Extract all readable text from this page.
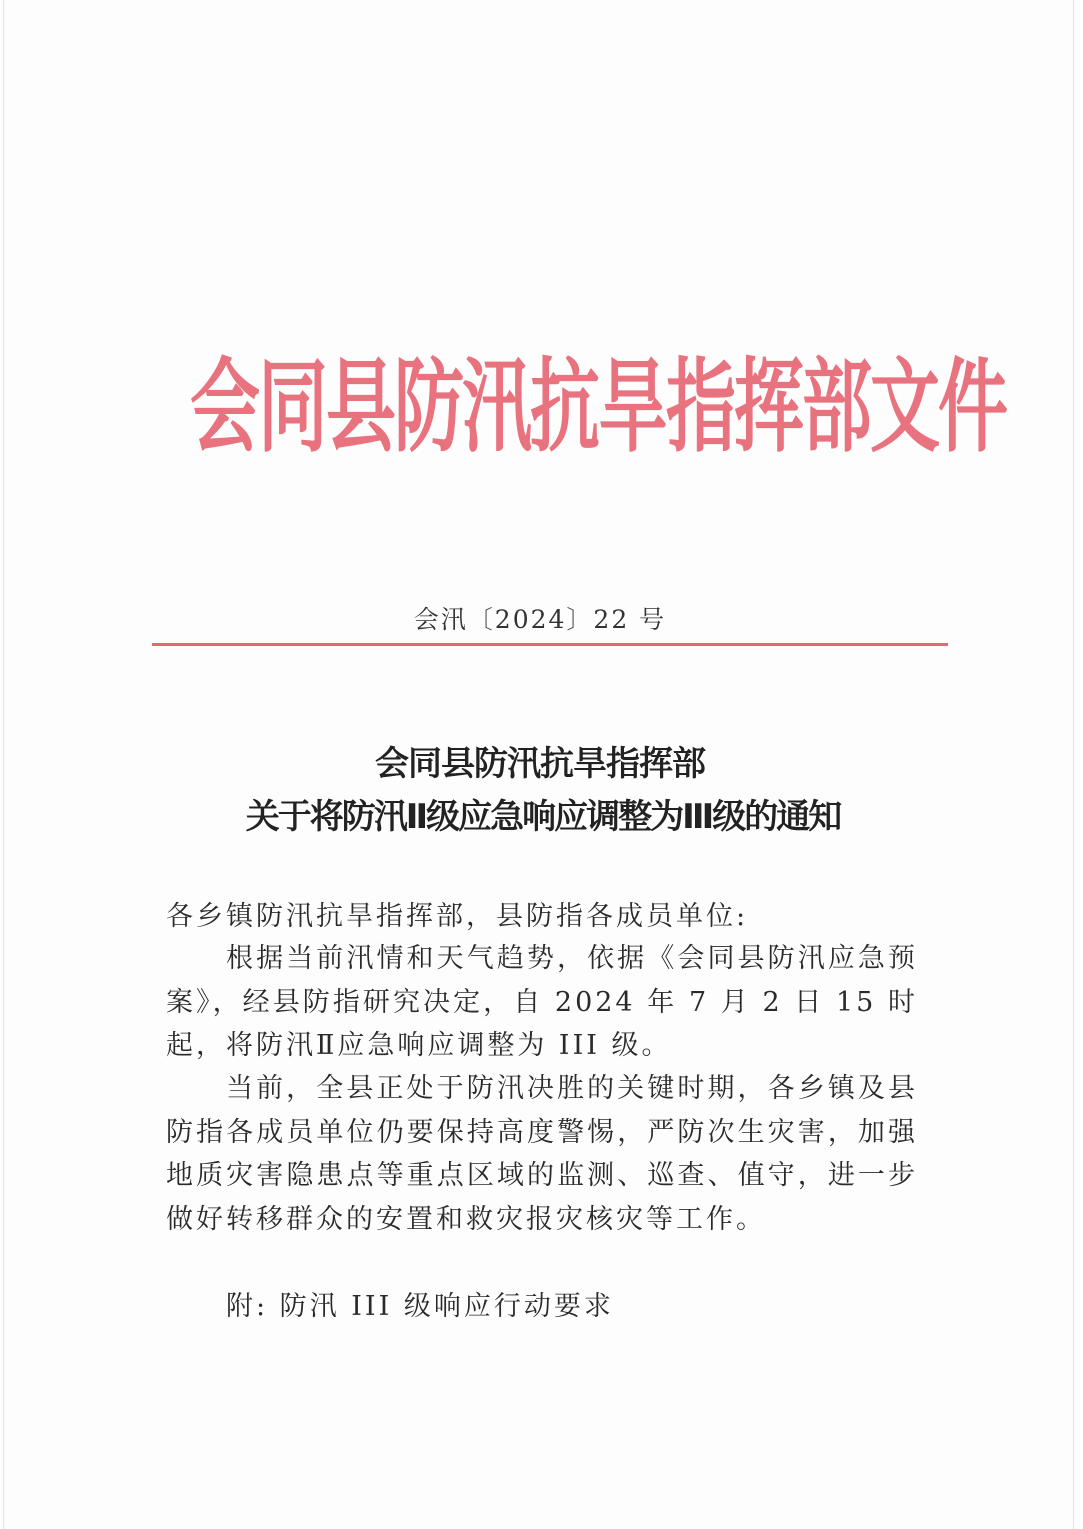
会同县防汛抗旱指挥部文件
会汛〔2024〕22 号
会同县防汛抗旱指挥部
关于将防汛Ⅱ级应急响应调整为Ⅲ级的通知
各乡镇防汛抗旱指挥部，县防指各成员单位:
根据当前汛情和天气趋势，依据《会同县防汛应急预案》，经县防指研究决定，自 2024 年 7 月 2 日 15 时起，将防汛Ⅱ应急响应调整为 III 级。
当前，全县正处于防汛决胜的关键时期，各乡镇及县防指各成员单位仍要保持高度警惕，严防次生灾害，加强地质灾害隐患点等重点区域的监测、巡查、值守，进一步做好转移群众的安置和救灾报灾核灾等工作。
附: 防汛 III 级响应行动要求
